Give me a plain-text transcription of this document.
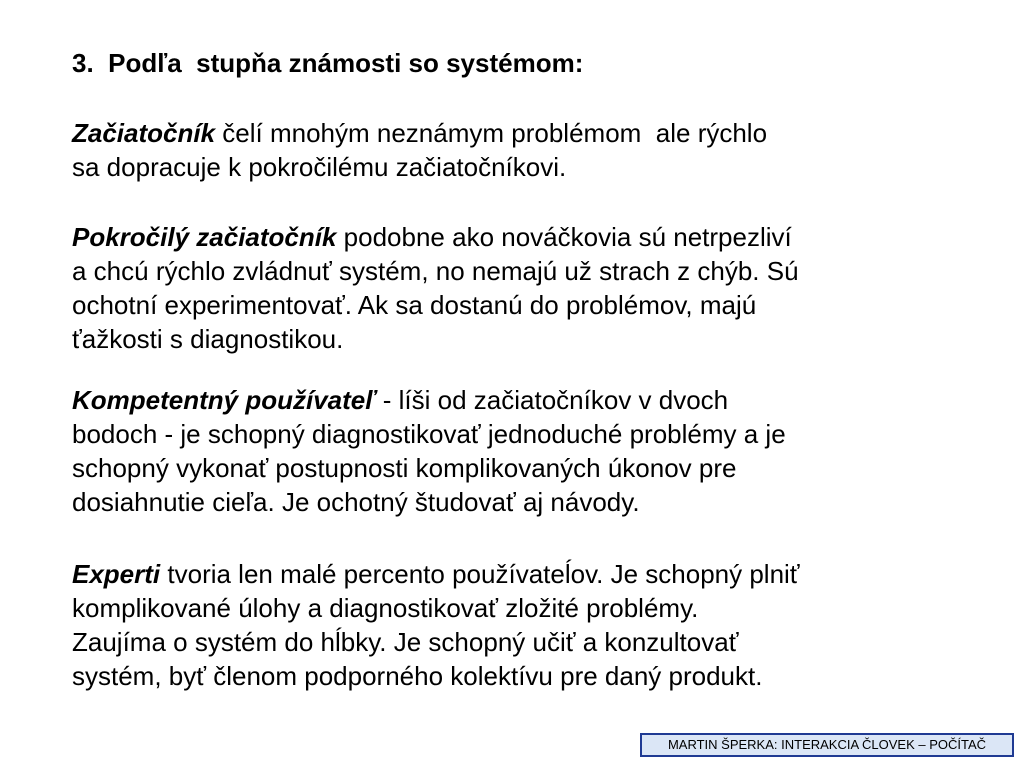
3.  Podľa  stupňa známosti so systémom:
Začiatočník čelí mnohým neznámym problémom  ale rýchlo
sa dopracuje k pokročilému začiatočníkovi.
Pokročilý začiatočník podobne ako nováčkovia sú netrpezliví
a chcú rýchlo zvládnuť systém, no nemajú už strach z chýb. Sú
ochotní experimentovať. Ak sa dostanú do problémov, majú
ťažkosti s diagnostikou.
Kompetentný používateľ - líši od začiatočníkov v dvoch
bodoch - je schopný diagnostikovať jednoduché problémy a je
schopný vykonať postupnosti komplikovaných úkonov pre
dosiahnutie cieľa. Je ochotný študovať aj návody.
Experti tvoria len malé percento používateĺov. Je schopný plniť
komplikované úlohy a diagnostikovať zložité problémy.
Zaujíma o systém do hĺbky. Je schopný učiť a konzultovať
systém, byť členom podporného kolektívu pre daný produkt.
MARTIN ŠPERKA: INTERAKCIA ČLOVEK – POČÍTAČ
